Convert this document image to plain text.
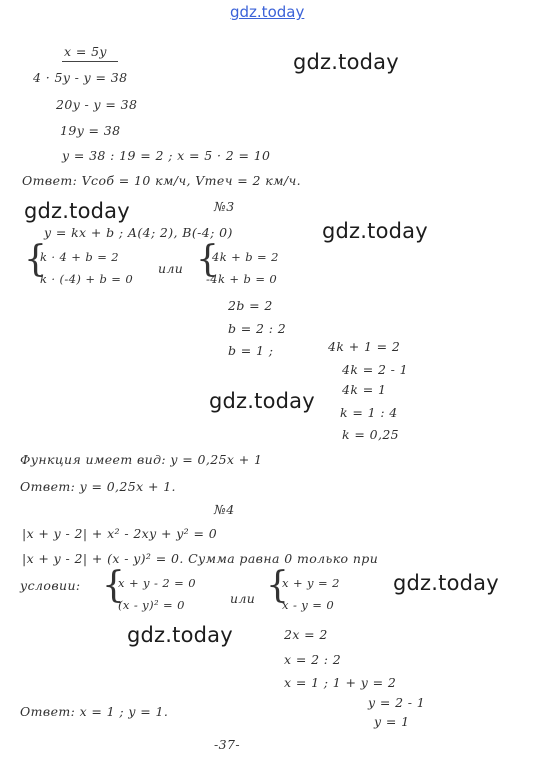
gdz.today
gdz.today
gdz.today
gdz.today
gdz.today
gdz.today
gdz.today
x = 5y
4 · 5y - y = 38
20y - y = 38
19y = 38
y = 38 : 19 = 2 ; x = 5 · 2 = 10
Ответ: Vсоб = 10 км/ч, Vтеч = 2 км/ч.
№3
y = kx + b ; A(4; 2), B(-4; 0)
{
k · 4 + b = 2
k · (-4) + b = 0
или {
4k + b = 2
-4k + b = 0
2b = 2
b = 2 : 2
b = 1 ;	4k + 1 = 2
4k = 2 - 1
4k = 1
k = 1 : 4
k = 0,25
Функция имеет вид: y = 0,25x + 1
Ответ: y = 0,25x + 1.
№4
|x + y - 2| + x² - 2xy + y² = 0
|x + y - 2| + (x - y)² = 0. Сумма равна 0 только при
условии: {
x + y - 2 = 0
(x - y)² = 0	или {
x + y = 2
x - y = 0
2x = 2
x = 2 : 2
x = 1 ; 1 + y = 2
y = 2 - 1
y = 1
Ответ: x = 1 ; y = 1.
-37-
